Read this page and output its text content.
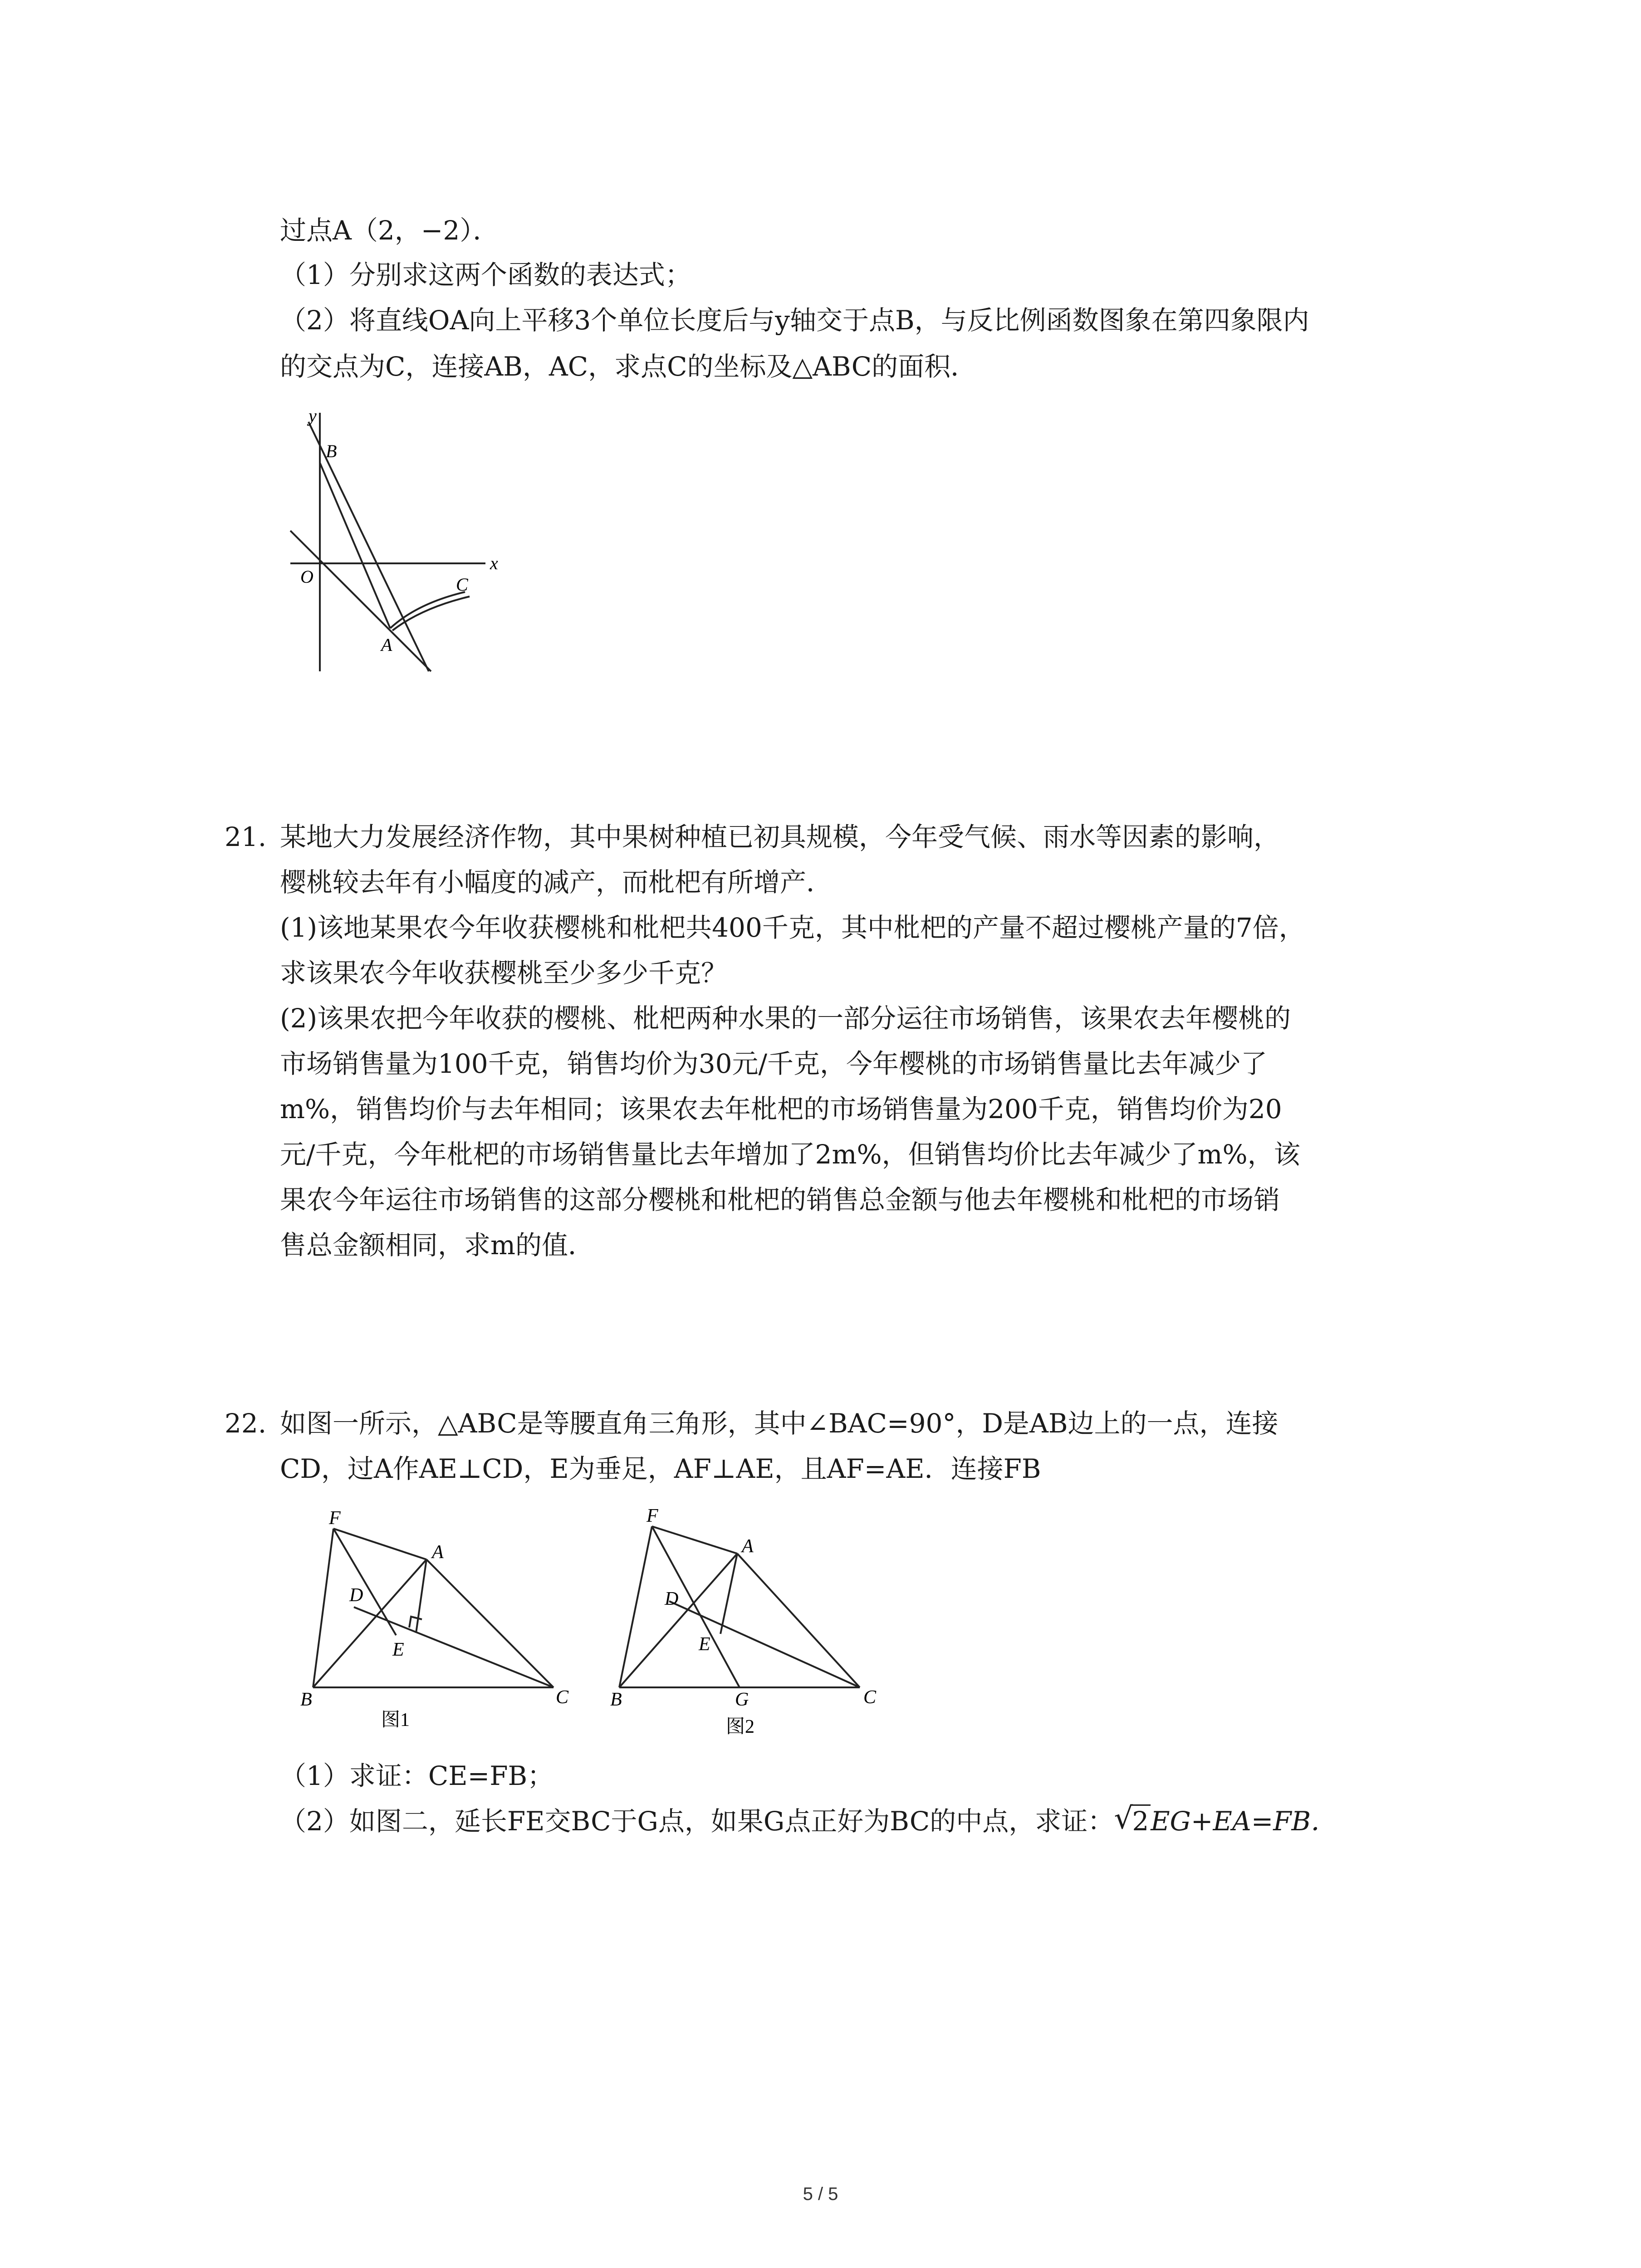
过点A（2，−2）．
（1）分别求这两个函数的表达式；
（2）将直线OA向上平移3个单位长度后与y轴交于点B，与反比例函数图象在第四象限内
的交点为C，连接AB，AC，求点C的坐标及△ABC的面积．
y
x
O
B
C
A
21. 某地大力发展经济作物，其中果树种植已初具规模，今年受气候、雨水等因素的影响，
樱桃较去年有小幅度的减产，而枇杷有所增产．
(1)该地某果农今年收获樱桃和枇杷共400千克，其中枇杷的产量不超过樱桃产量的7倍，
求该果农今年收获樱桃至少多少千克？
(2)该果农把今年收获的樱桃、枇杷两种水果的一部分运往市场销售，该果农去年樱桃的
市场销售量为100千克，销售均价为30元/千克，今年樱桃的市场销售量比去年减少了
m%，销售均价与去年相同；该果农去年枇杷的市场销售量为200千克，销售均价为20
元/千克，今年枇杷的市场销售量比去年增加了2m%，但销售均价比去年减少了m%，该
果农今年运往市场销售的这部分樱桃和枇杷的销售总金额与他去年樱桃和枇杷的市场销
售总金额相同，求m的值．
22. 如图一所示，△ABC是等腰直角三角形，其中∠BAC=90°，D是AB边上的一点，连接
CD，过A作AE⊥CD，E为垂足，AF⊥AE，且AF=AE．连接FB
F
A
D
E
B	C
图1
F
A
D
E
B	G	C
图2
（1）求证：CE=FB；
（2）如图二，延长FE交BC于G点，如果G点正好为BC的中点，求证： √
2EG+EA=FB．
5 / 5
